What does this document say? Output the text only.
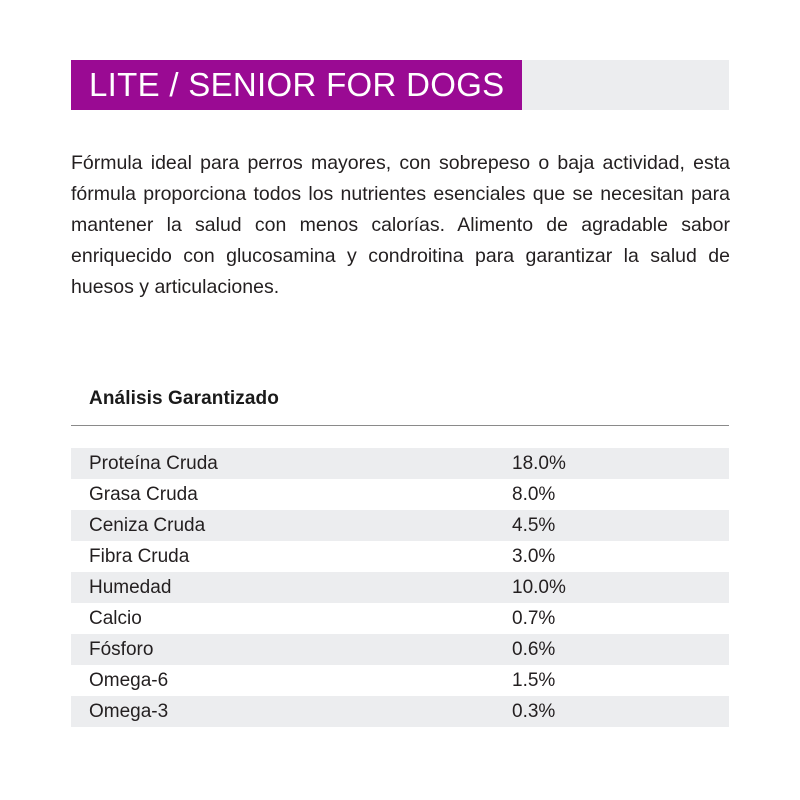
LITE / SENIOR FOR DOGS

Fórmula ideal para perros mayores, con sobrepeso o baja actividad, esta fórmula proporciona todos los nutrientes esenciales que se necesitan para mantener la salud con menos calorías. Alimento de agradable sabor enriquecido con glucosamina y condroitina para garantizar la salud de huesos y articulaciones.

Análisis Garantizado
Proteína Cruda	18.0%
Grasa Cruda	8.0%
Ceniza Cruda	4.5%
Fibra Cruda	3.0%
Humedad	10.0%
Calcio	0.7%
Fósforo	0.6%
Omega-6	1.5%
Omega-3	0.3%
